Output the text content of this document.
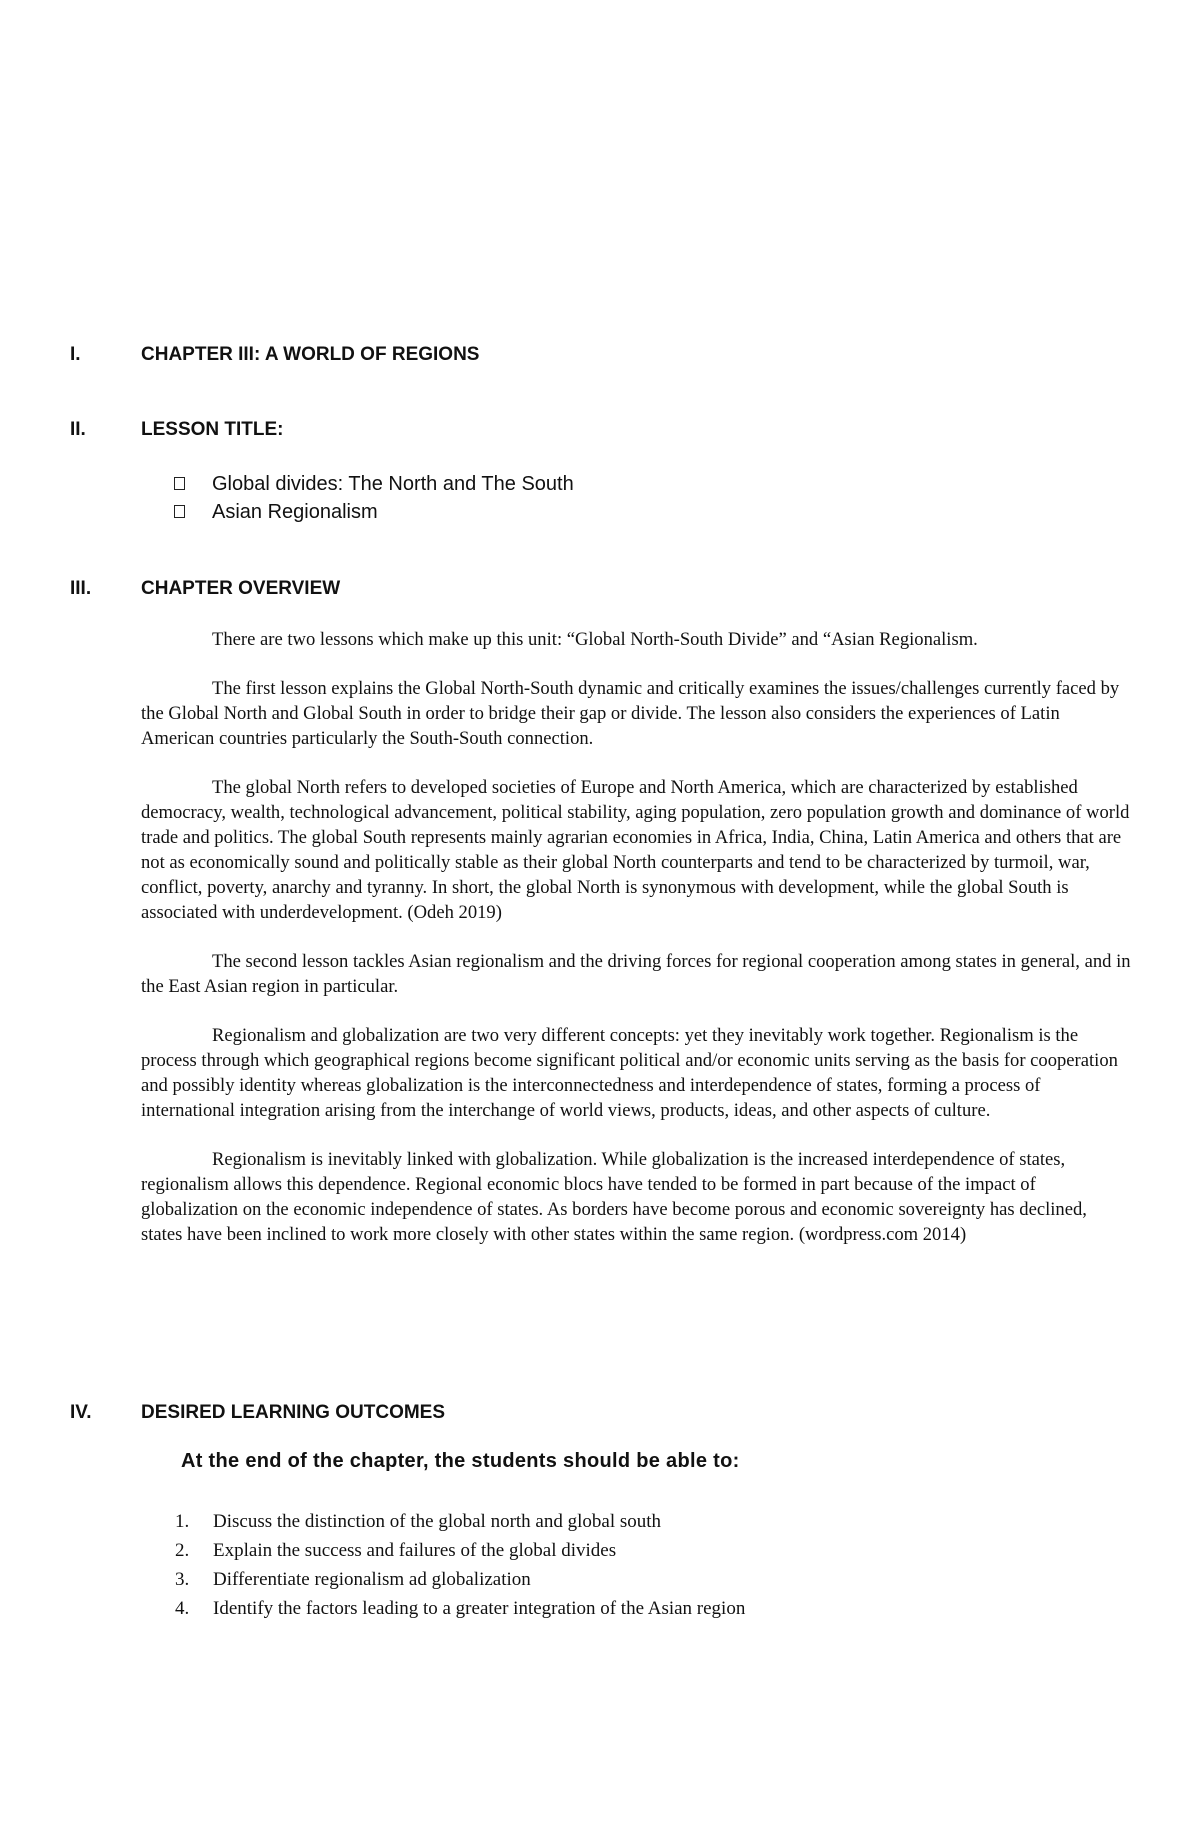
I.	CHAPTER III: A WORLD OF REGIONS
II.	LESSON TITLE:
Global divides: The North and The South
Asian Regionalism
III.	CHAPTER OVERVIEW

There are two lessons which make up this unit: “Global North-South Divide” and “Asian Regionalism.

The first lesson explains the Global North-South dynamic and critically examines the issues/challenges currently faced by the Global North and Global South in order to bridge their gap or divide. The lesson also considers the experiences of Latin American countries particularly the South-South connection.

The global North refers to developed societies of Europe and North America, which are characterized by established democracy, wealth, technological advancement, political stability, aging population, zero population growth and dominance of world trade and politics. The global South represents mainly agrarian economies in Africa, India, China, Latin America and others that are not as economically sound and politically stable as their global North counterparts and tend to be characterized by turmoil, war, conflict, poverty, anarchy and tyranny. In short, the global North is synonymous with development, while the global South is associated with underdevelopment. (Odeh 2019)

The second lesson tackles Asian regionalism and the driving forces for regional cooperation among states in general, and in the East Asian region in particular.

Regionalism and globalization are two very different concepts: yet they inevitably work together. Regionalism is the process through which geographical regions become significant political and/or economic units serving as the basis for cooperation and possibly identity whereas globalization is the interconnectedness and interdependence of states, forming a process of international integration arising from the interchange of world views, products, ideas, and other aspects of culture.

Regionalism is inevitably linked with globalization. While globalization is the increased interdependence of states, regionalism allows this dependence. Regional economic blocs have tended to be formed in part because of the impact of globalization on the economic independence of states. As borders have become porous and economic sovereignty has declined, states have been inclined to work more closely with other states within the same region. (wordpress.com 2014)

IV.	DESIRED LEARNING OUTCOMES
At the end of the chapter, the students should be able to:
1. Discuss the distinction of the global north and global south
2. Explain the success and failures of the global divides
3. Differentiate regionalism ad globalization
4. Identify the factors leading to a greater integration of the Asian region
